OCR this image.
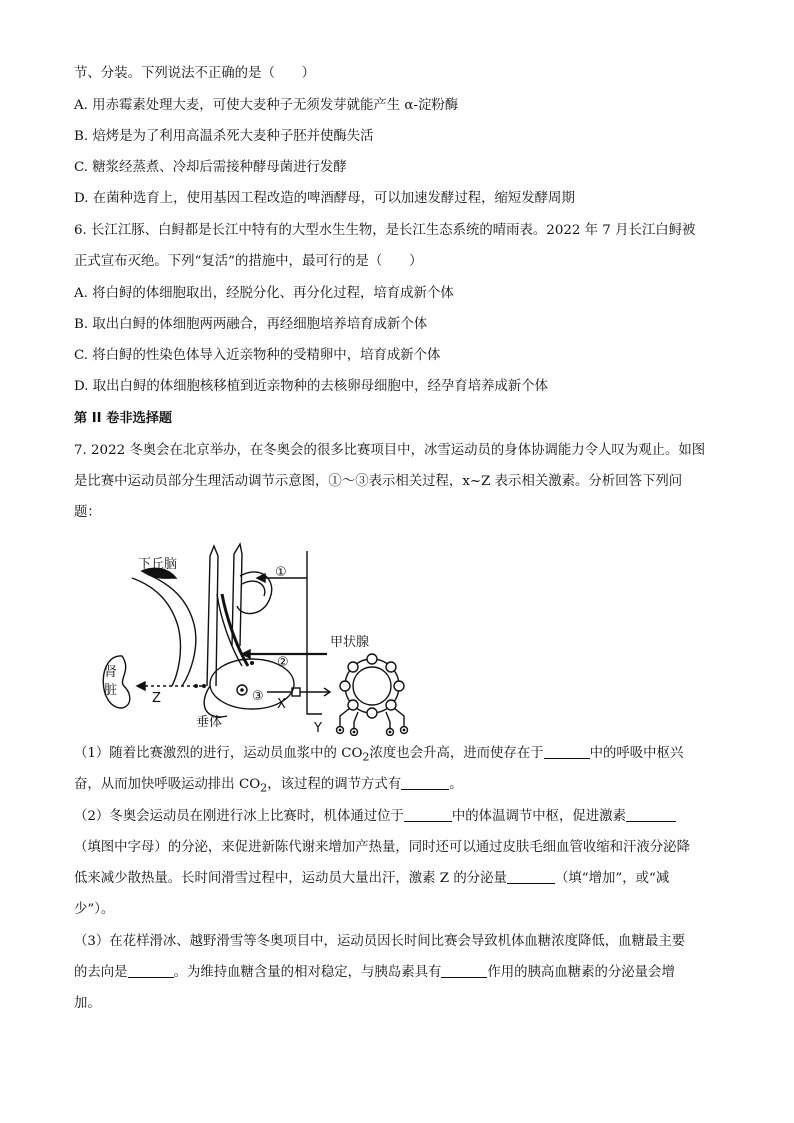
节、分装。下列说法不正确的是（　　）
A. 用赤霉素处理大麦，可使大麦种子无须发芽就能产生 α-淀粉酶
B. 焙烤是为了利用高温杀死大麦种子胚并使酶失活
C. 糖浆经蒸煮、冷却后需接种酵母菌进行发酵
D. 在菌种选育上，使用基因工程改造的啤酒酵母，可以加速发酵过程，缩短发酵周期
6. 长江江豚、白鲟都是长江中特有的大型水生生物，是长江生态系统的晴雨表。2022 年 7 月长江白鲟被
正式宣布灭绝。下列“复活”的措施中，最可行的是（　　）
A. 将白鲟的体细胞取出，经脱分化、再分化过程，培育成新个体
B. 取出白鲟的体细胞两两融合，再经细胞培养培育成新个体
C. 将白鲟的性染色体导入近亲物种的受精卵中，培育成新个体
D. 取出白鲟的体细胞核移植到近亲物种的去核卵母细胞中，经孕育培养成新个体
第 II 卷非选择题
7. 2022 冬奥会在北京举办，在冬奥会的很多比赛项目中，冰雪运动员的身体协调能力令人叹为观止。如图
是比赛中运动员部分生理活动调节示意图，①～③表示相关过程，x~Z 表示相关激素。分析回答下列问
题：
下丘脑
甲状腺
肾
脏
垂体
①
②
③
X
Y
Z
（1）随着比赛激烈的进行，运动员血浆中的 $CO_2$浓度也会升高，进而使存在于	中的呼吸中枢兴
奋，从而加快呼吸运动排出 $CO_2$，该过程的调节方式有	。
（2）冬奥会运动员在刚进行冰上比赛时，机体通过位于	中的体温调节中枢，促进激素
（填图中字母）的分泌，来促进新陈代谢来增加产热量，同时还可以通过皮肤毛细血管收缩和汗液分泌降
低来减少散热量。长时间滑雪过程中，运动员大量出汗，激素 Z 的分泌量	（填“增加”，或“减
少”）。
（3）在花样滑冰、越野滑雪等冬奥项目中，运动员因长时间比赛会导致机体血糖浓度降低，血糖最主要
的去向是	。为维持血糖含量的相对稳定，与胰岛素具有	作用的胰高血糖素的分泌量会增
加。
